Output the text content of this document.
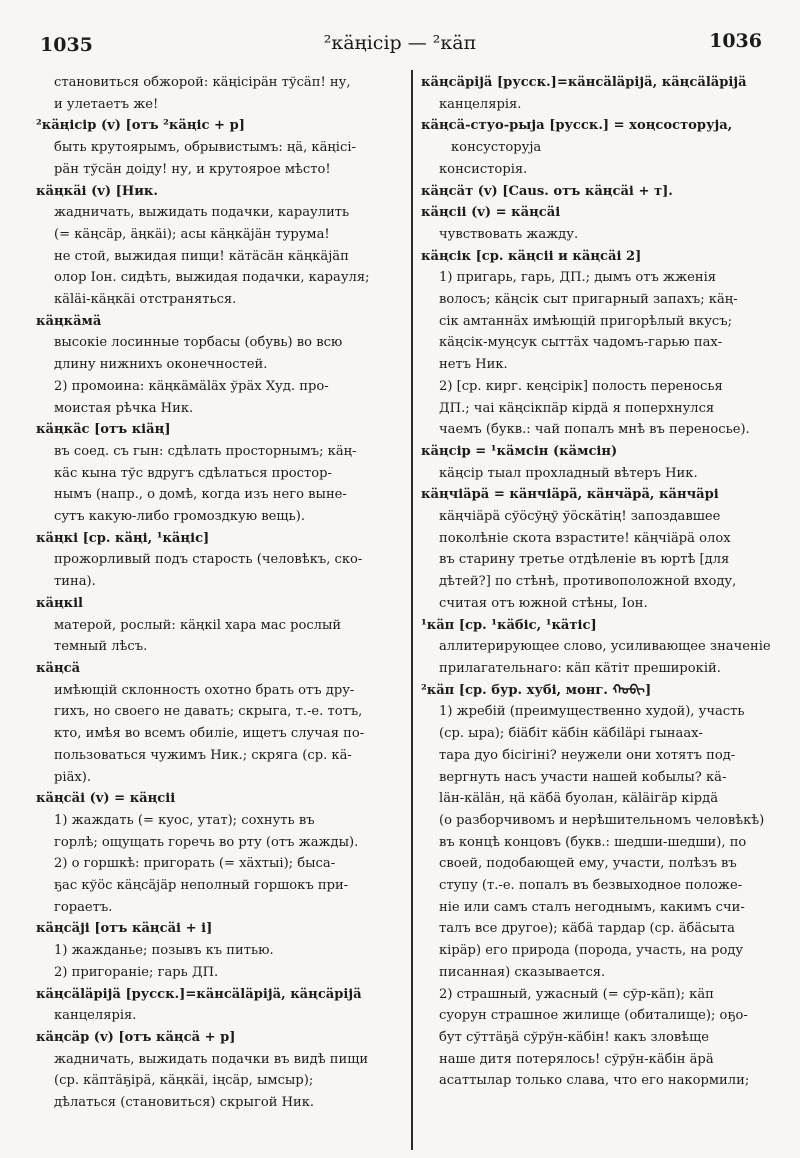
1035	²кäңісір — ²кäп	1036
становиться обжорой: кäңісірäн тўсäп! ну,
и улетаетъ же!
²кäңісір (v) [отъ ²кäңіс + р]
быть крутоярымъ, обрывистымъ: ңä, кäңісі-
рäн тўсäн доіду! ну, и крутоярое мѣсто!
кäңкäі (v) [Ник.
жадничать, выжидать подачки, караулить
(= кäңсäр, äңкäі); асы кäңкäјäн турума!
не стой, выжидая пищи! кäтäсäн кäңкäјäп
олор Іон. сидѣть, выжидая подачки, карауля;
кäläі-кäңкäі отстраняться.
кäңкäмä
высокіе лосинные торбасы (обувь) во всю
длину нижнихъ оконечностей.
2) промоина: кäңкäмäläх ўрäх Худ. про-
моистая рѣчка Ник.
кäңкäс [отъ кіäң]
въ соед. съ гын: сдѣлать просторнымъ; кäң-
кäс кына тўс вдругъ сдѣлаться простор-
нымъ (напр., о домѣ, когда изъ него выне-
сутъ какую-либо громоздкую вещь).
кäңкі [ср. кäңі, ¹кäңіс]
прожорливый подъ старость (человѣкъ, ско-
тина).
кäңкіl
матерой, рослый: кäңкіl хара мас рослый
темный лѣсъ.
кäңсä
имѣющій склонность охотно брать отъ дру-
гихъ, но своего не давать; скрыга, т.-е. тотъ,
кто, имѣя во всемъ обиліе, ищетъ случая по-
пользоваться чужимъ Ник.; скряга (ср. кä-
ріäх).
кäңсäі (v) = кäңсіі
1) жаждать (= куос, утат); сохнуть въ
горлѣ; ощущать горечь во рту (отъ жажды).
2) о горшкѣ: пригорать (= хäхтыі); быса-
ҕас кўöс кäңсäјäр неполный горшокъ при-
гораетъ.
кäңсäјі [отъ кäңсäі + і]
1) жажданье; позывъ къ питью.
2) пригораніе; гарь ДП.
кäңсäläрiјä [русск.]=кäнсäläрiјä, кäңсäрiјä
канцелярія.
кäңсäр (v) [отъ кäңсä + р]
жадничать, выжидать подачки въ видѣ пищи
(ср. кäптäҕірä, кäңкäі, іңсäр, ымсыр);
дѣлаться (становиться) скрыгой Ник.
кäңсäрiјä [русск.]=кäнсäläрiјä, кäңсäläрiјä
канцелярія.
кäңсä-стуо-рыја [русск.] = хоңсосторуја,
консусторуја
консисторія.
кäңсäт (v) [Caus. отъ кäңсäі + т].
кäңсіі (v) = кäңсäі
чувствовать жажду.
кäңсік [ср. кäңсіі и кäңсäі 2]
1) пригарь, гарь, ДП.; дымъ отъ жженія
волосъ; кäңсік сыт пригарный запахъ; кäң-
сік амтаннäх имѣющій пригорѣлый вкусъ;
кäңсік-муңсук сыттäх чадомъ-гарью пах-
нетъ Ник.
2) [ср. кирг. кеңсірік] полость переносья
ДП.; чаі кäңсікпäр кірдä я поперхнулся
чаемъ (букв.: чай попалъ мнѣ въ переносье).
кäңсір = ¹кäмсін (кäмсін)
кäңсір тыал прохладный вѣтеръ Ник.
кäңчіäрä = кäнчіäрä, кäнчäрä, кäнчäрі
кäңчіäрä сўöсўңў ўöскäтiң! запоздавшее
поколѣніе скота взрастите! кäңчіäрä олох
въ старину третье отдѣленіе въ юртѣ [для
дѣтей?] по стѣнѣ, противоположной входу,
считая отъ южной стѣны, Іон.
¹кäп [ср. ¹кäбіс, ¹кäтіс]
аллитерирующее слово, усиливающее значеніе
прилагательнаго: кäп кäтіт преширокій.
²кäп [ср. бур. хубі, монг. ᠬᠤᠪᠢ]
1) жребій (преимущественно худой), участь
(ср. ыра); біäбіт кäбін кäбіläрі гынаах-
тара дуо бісігіні? неужели они хотятъ под-
вергнуть насъ участи нашей кобылы? кä-
läн-кäläн, ңä кäбä буолан, кäläігäр кірдä
(о разборчивомъ и нерѣшительномъ человѣкѣ)
въ концѣ концовъ (букв.: шедши-шедши), по
своей, подобающей ему, участи, полѣзъ въ
ступу (т.-е. попалъ въ безвыходное положе-
ніе или самъ сталъ негоднымъ, какимъ счи-
талъ все другое); кäбä тардар (ср. äбäсыта
кірäр) его природа (порода, участь, на роду
писанная) сказывается.
2) страшный, ужасный (= сўр-кäп); кäп
суорун страшное жилище (обиталище); оҕо-
бут сўттäҕä сўрўн-кäбін! какъ зловѣще
наше дитя потерялось! сўрўн-кäбін äрä
асаттылар только слава, что его накормили;
